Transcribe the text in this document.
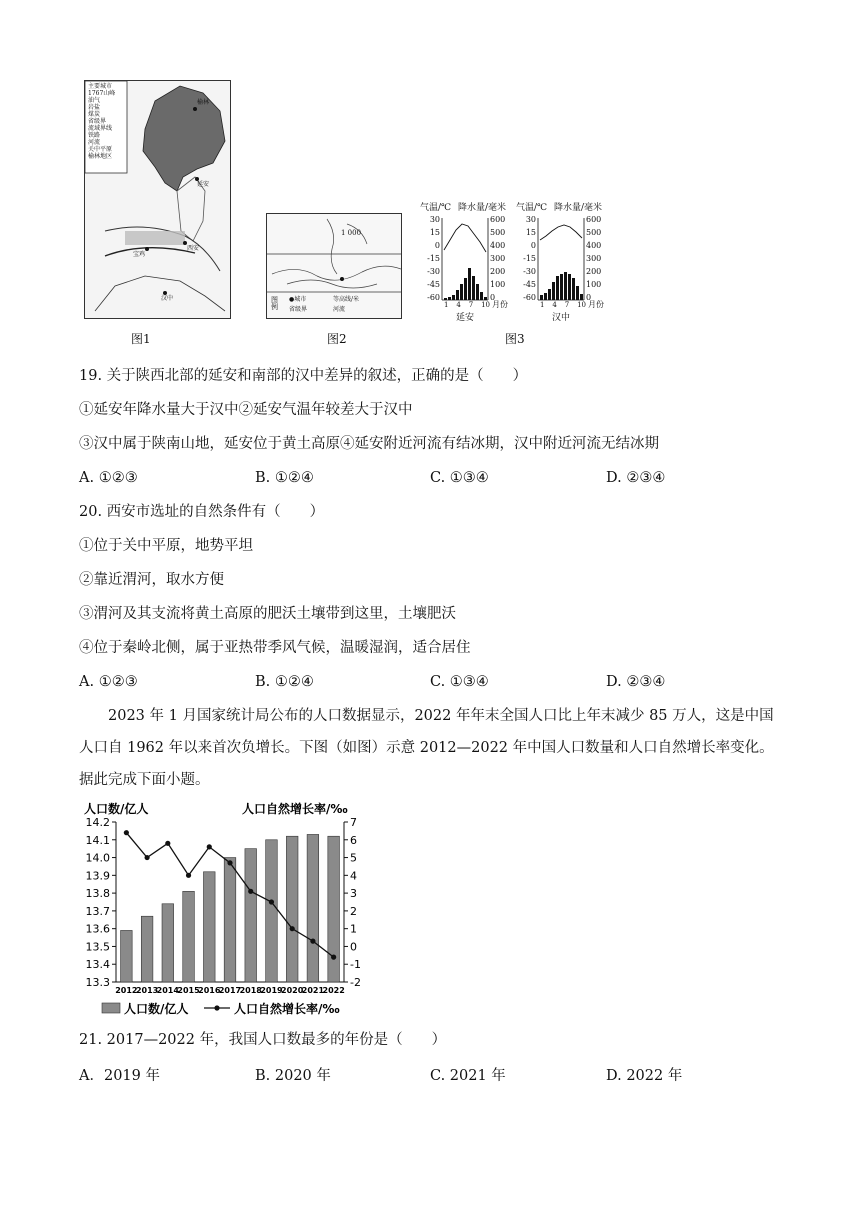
主要城市
1767山峰
油气
岩盐
煤炭
省级界
流域界线
铁路
河流
关中平原
榆林地区
延安
榆林
西安
汉中
宝鸡
图1
1 000
图 例
●城市	等高线/米
省级界	河流
图2
气温/℃ 降水量/毫米 气温/℃ 降水量/毫米
30
15
0
-15
-30
-45
-60
600
500
400
300
200
100
0
30
15
0
-15
-30
-45
-60
600
500
400
300
200
100
0
1 4 7 10	1 4 7 10
月份	月份
延安	汉中
图3
19. 关于陕西北部的延安和南部的汉中差异的叙述，正确的是（　　）
①延安年降水量大于汉中②延安气温年较差大于汉中
③汉中属于陕南山地，延安位于黄土高原④延安附近河流有结冰期，汉中附近河流无结冰期
A. ①②③	B. ①②④	C. ①③④	D. ②③④
20. 西安市选址的自然条件有（　　）
①位于关中平原，地势平坦
②靠近渭河，取水方便
③渭河及其支流将黄土高原的肥沃土壤带到这里，土壤肥沃
④位于秦岭北侧，属于亚热带季风气候，温暖湿润，适合居住
A. ①②③	B. ①②④	C. ①③④	D. ②③④
2023 年 1 月国家统计局公布的人口数据显示，2022 年年末全国人口比上年末减少 85 万人，这是中国人口自 1962 年以来首次负增长。下图（如图）示意 2012—2022 年中国人口数量和人口自然增长率变化。据此完成下面小题。
人口数/亿人	人口自然增长率/‰
14.2
14.1
14.0
13.9
13.8
13.7
13.6
13.5
13.4
13.3
7
6
5
4
3
2
1
0
-1
-2
2012
2013
2014
2015
2016
2017
2018
2019
2020
2021
2022
人口数/亿人	人口自然增长率/‰
21. 2017—2022 年，我国人口数最多的年份是（　　）
A．2019 年	B. 2020 年	C. 2021 年	D. 2022 年
